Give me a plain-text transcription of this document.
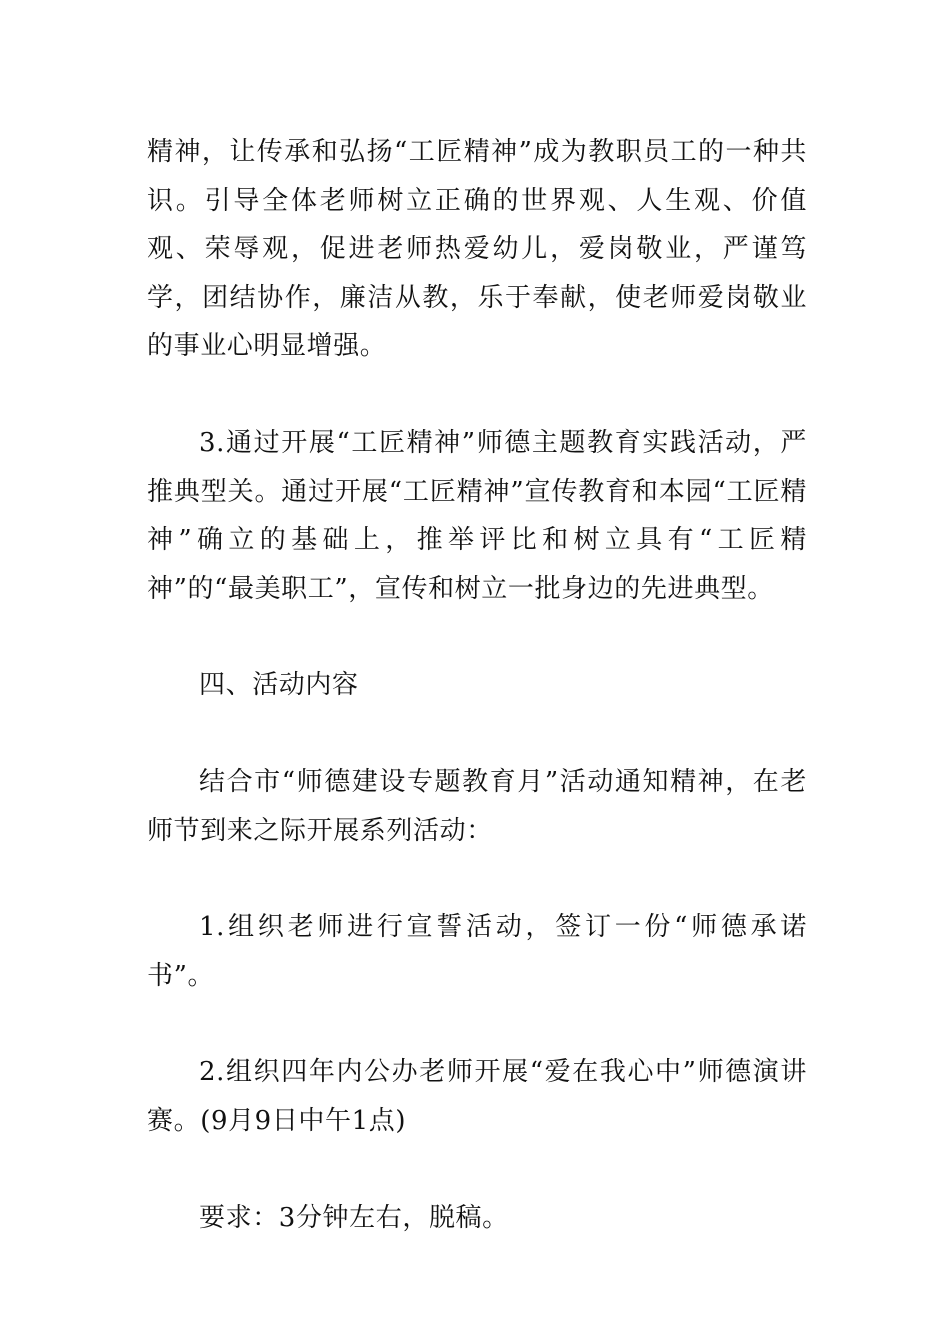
精神，让传承和弘扬“工匠精神”成为教职员工的一种共识。引导全体老师树立正确的世界观、人生观、价值观、荣辱观，促进老师热爱幼儿，爱岗敬业，严谨笃学，团结协作，廉洁从教，乐于奉献，使老师爱岗敬业的事业心明显增强。

3.通过开展“工匠精神”师德主题教育实践活动，严推典型关。通过开展“工匠精神”宣传教育和本园“工匠精神”确立的基础上，推举评比和树立具有“工匠精神”的“最美职工”，宣传和树立一批身边的先进典型。

四、活动内容

结合市“师德建设专题教育月”活动通知精神，在老师节到来之际开展系列活动：

1.组织老师进行宣誓活动，签订一份“师德承诺书”。

2.组织四年内公办老师开展“爱在我心中”师德演讲赛。(9月9日中午1点)

要求：3分钟左右，脱稿。
